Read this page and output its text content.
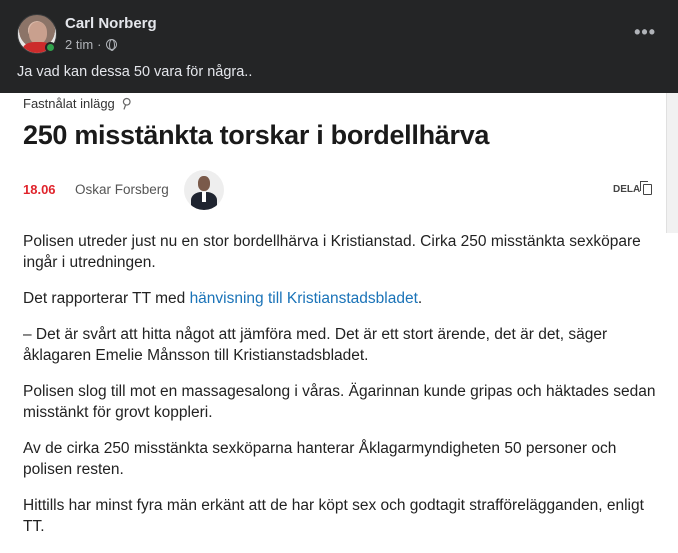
Carl Norberg
2 tim ·
•••
Ja vad kan dessa 50 vara för några..
Fastnålat inlägg ⚲
250 misstänkta torskar i bordellhärva
18.06 Oskar Forsberg	DELA

Polisen utreder just nu en stor bordellhärva i Kristianstad. Cirka 250 misstänkta sexköpare ingår i utredningen.

Det rapporterar TT med hänvisning till Kristianstadsbladet.

– Det är svårt att hitta något att jämföra med. Det är ett stort ärende, det är det, säger åklagaren Emelie Månsson till Kristianstadsbladet.

Polisen slog till mot en massagesalong i våras. Ägarinnan kunde gripas och häktades sedan misstänkt för grovt koppleri.

Av de cirka 250 misstänkta sexköparna hanterar Åklagarmyndigheten 50 personer och polisen resten.

Hittills har minst fyra män erkänt att de har köpt sex och godtagit strafförelägganden, enligt TT.
